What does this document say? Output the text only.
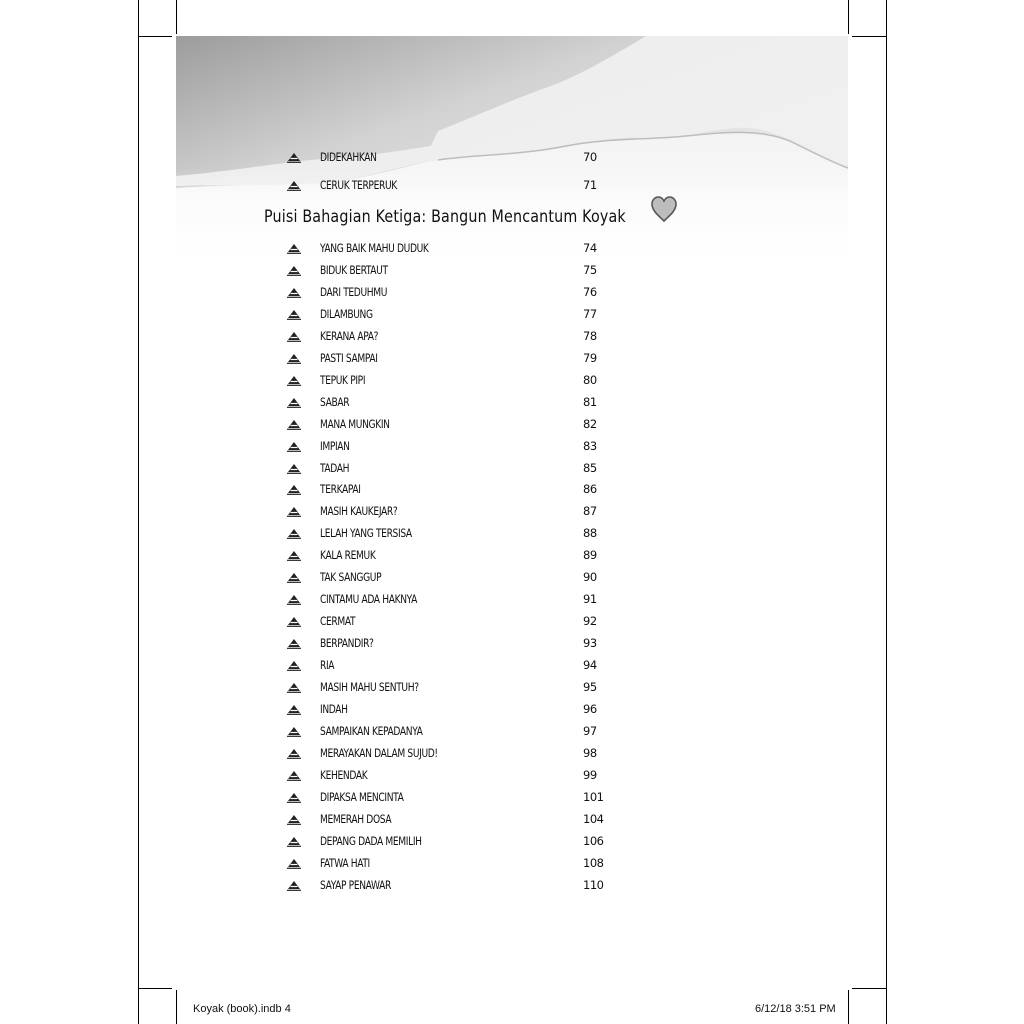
DIDEKAHKAN	70
CERUK TERPERUK	71
Puisi Bahagian Ketiga: Bangun Mencantum Koyak
YANG BAIK MAHU DUDUK	74
BIDUK BERTAUT	75
DARI TEDUHMU	76
DILAMBUNG	77
KERANA APA?	78
PASTI SAMPAI	79
TEPUK PIPI	80
SABAR	81
MANA MUNGKIN	82
IMPIAN	83
TADAH	85
TERKAPAI	86
MASIH KAUKEJAR?	87
LELAH YANG TERSISA	88
KALA REMUK	89
TAK SANGGUP	90
CINTAMU ADA HAKNYA	91
CERMAT	92
BERPANDIR?	93
RIA	94
MASIH MAHU SENTUH?	95
INDAH	96
SAMPAIKAN KEPADANYA	97
MERAYAKAN DALAM SUJUD!	98
KEHENDAK	99
DIPAKSA MENCINTA	101
MEMERAH DOSA	104
DEPANG DADA MEMILIH	106
FATWA HATI	108
SAYAP PENAWAR	110
Koyak (book).indb 4	6/12/18 3:51 PM
